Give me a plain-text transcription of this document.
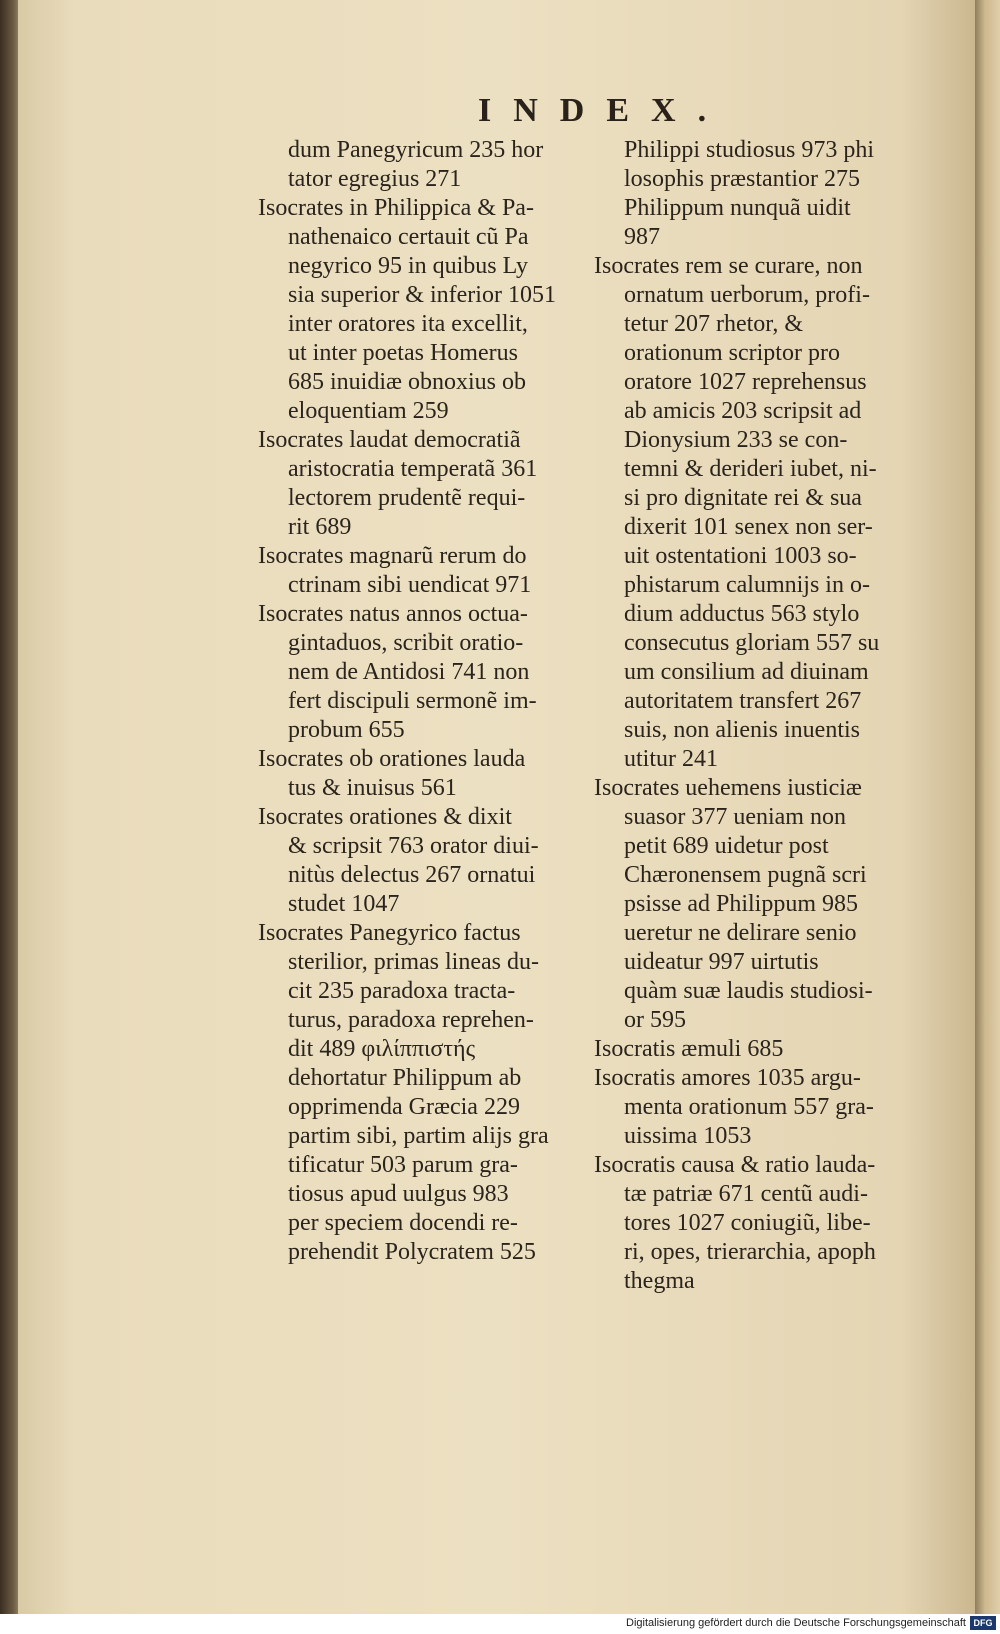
INDEX.
dum Panegyricum 235 hor
tator egregius 271
Isocrates in Philippica & Pa-
nathenaico certauit cũ Pa
negyrico 95 in quibus Ly
sia superior & inferior 1051
inter oratores ita excellit,
ut inter poetas Homerus
685 inuidiæ obnoxius ob
eloquentiam 259
Isocrates laudat democratiã
aristocratia temperatã 361
lectorem prudentẽ requi-
rit 689
Isocrates magnarũ rerum do
ctrinam sibi uendicat 971
Isocrates natus annos octua-
gintaduos, scribit oratio-
nem de Antidosi 741 non
fert discipuli sermonẽ im-
probum 655
Isocrates ob orationes lauda
tus & inuisus 561
Isocrates orationes & dixit
& scripsit 763 orator diui-
nitùs delectus 267 ornatui
studet 1047
Isocrates Panegyrico factus
sterilior, primas lineas du-
cit 235 paradoxa tracta-
turus, paradoxa reprehen-
dit 489 φιλίππιστής
dehortatur Philippum ab
opprimenda Græcia 229
partim sibi, partim alijs gra
tificatur 503 parum gra-
tiosus apud uulgus 983
per speciem docendi re-
prehendit Polycratem 525
Philippi studiosus 973 phi
losophis præstantior 275
Philippum nunquã uidit
987
Isocrates rem se curare, non
ornatum uerborum, profi-
tetur 207 rhetor, &
orationum scriptor pro
oratore 1027 reprehensus
ab amicis 203 scripsit ad
Dionysium 233 se con-
temni & derideri iubet, ni-
si pro dignitate rei & sua
dixerit 101 senex non ser-
uit ostentationi 1003 so-
phistarum calumnijs in o-
dium adductus 563 stylo
consecutus gloriam 557 su
um consilium ad diuinam
autoritatem transfert 267
suis, non alienis inuentis
utitur 241
Isocrates uehemens iusticiæ
suasor 377 ueniam non
petit 689 uidetur post
Chæronensem pugnã scri
psisse ad Philippum 985
ueretur ne delirare senio
uideatur 997 uirtutis
quàm suæ laudis studiosi-
or 595
Isocratis æmuli 685
Isocratis amores 1035 argu-
menta orationum 557 gra-
uissima 1053
Isocratis causa & ratio lauda-
tæ patriæ 671 centũ audi-
tores 1027 coniugiũ, libe-
ri, opes, trierarchia, apoph
thegma
Digitalisierung gefördert durch die Deutsche Forschungsgemeinschaft DFG
